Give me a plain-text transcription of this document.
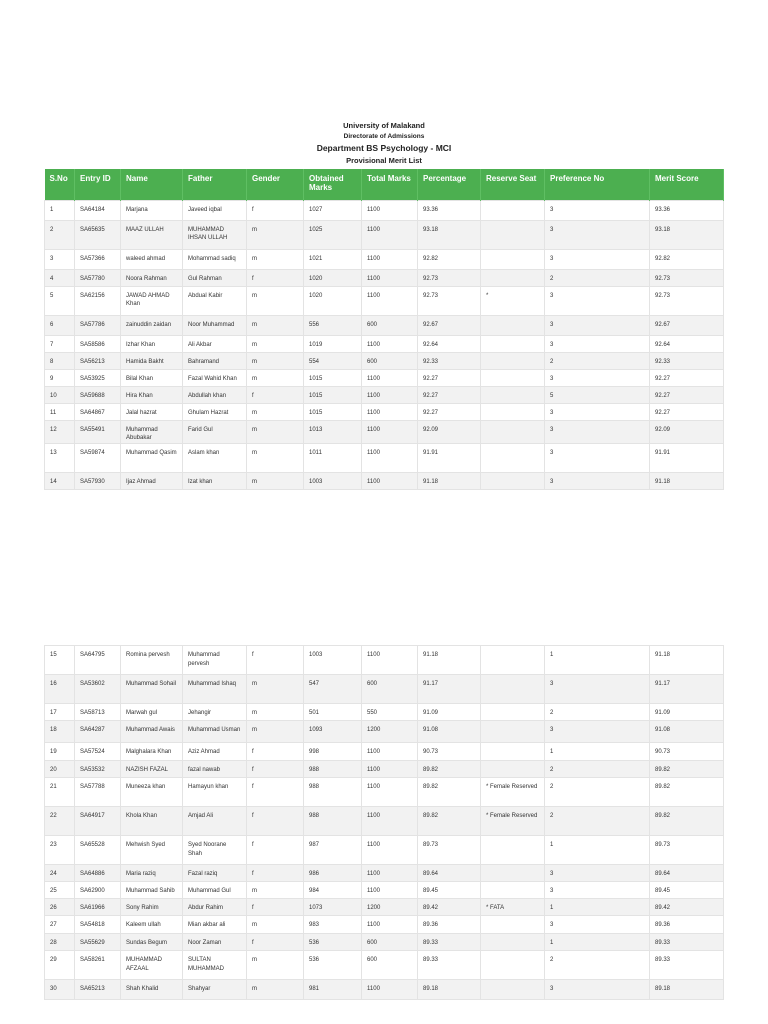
University of Malakand
Directorate of Admissions
Department BS Psychology - MCI
Provisional Merit List
S.No	Entry ID	Name	Father	Gender	Obtained Marks	Total Marks	Percentage	Reserve Seat	Preference No	Merit Score
1	SA64184	Marjana	Javeed iqbal	f	1027	1100	93.36		3	93.36
2	SA65635	MAAZ ULLAH	MUHAMMAD IHSAN ULLAH	m	1025	1100	93.18		3	93.18
3	SA57366	waleed ahmad	Mohammad sadiq	m	1021	1100	92.82		3	92.82
4	SA57780	Noora Rahman	Gul Rahman	f	1020	1100	92.73		2	92.73
5	SA62156	JAWAD AHMAD Khan	Abdual Kabir	m	1020	1100	92.73	*	3	92.73
6	SA57786	zainuddin zaidan	Noor Muhammad	m	556	600	92.67		3	92.67
7	SA58586	Izhar Khan	Ali Akbar	m	1019	1100	92.64		3	92.64
8	SA56213	Hamida Bakht	Bahramand	m	554	600	92.33		2	92.33
9	SA53925	Bilal Khan	Fazal Wahid Khan	m	1015	1100	92.27		3	92.27
10	SA59688	Hira Khan	Abdullah khan	f	1015	1100	92.27		5	92.27
11	SA64867	Jalal hazrat	Ghulam Hazrat	m	1015	1100	92.27		3	92.27
12	SA55491	Muhammad Abubakar	Farid Gul	m	1013	1100	92.09		3	92.09
13	SA59874	Muhammad Qasim	Aslam khan	m	1011	1100	91.91		3	91.91
14	SA57930	Ijaz Ahmad	Izat khan	m	1003	1100	91.18		3	91.18
15	SA64795	Romina pervesh	Muhammad pervesh	f	1003	1100	91.18		1	91.18
16	SA53602	Muhammad Sohail	Muhammad Ishaq	m	547	600	91.17		3	91.17
17	SA58713	Marwah gul	Jehangir	m	501	550	91.09		2	91.09
18	SA64287	Muhammad Awais	Muhammad Usman	m	1093	1200	91.08		3	91.08
19	SA57524	Malghalara Khan	Aziz Ahmad	f	998	1100	90.73		1	90.73
20	SA53532	NAZISH FAZAL	fazal nawab	f	988	1100	89.82		2	89.82
21	SA57788	Muneeza khan	Hamayun khan	f	988	1100	89.82	* Female Reserved	2	89.82
22	SA64917	Khola Khan	Amjad Ali	f	988	1100	89.82	* Female Reserved	2	89.82
23	SA65528	Mehwish Syed	Syed Noorane Shah	f	987	1100	89.73		1	89.73
24	SA64886	Maria raziq	Fazal raziq	f	986	1100	89.64		3	89.64
25	SA62900	Muhammad Sahib	Muhammad Gul	m	984	1100	89.45		3	89.45
26	SA61966	Sony Rahim	Abdur Rahim	f	1073	1200	89.42	* FATA	1	89.42
27	SA54818	Kaleem ullah	Mian akbar ali	m	983	1100	89.36		3	89.36
28	SA55629	Sundas Begum	Noor Zaman	f	536	600	89.33		1	89.33
29	SA58261	MUHAMMAD AFZAAL	SULTAN MUHAMMAD	m	536	600	89.33		2	89.33
30	SA65213	Shah Khalid	Shahyar	m	981	1100	89.18		3	89.18
